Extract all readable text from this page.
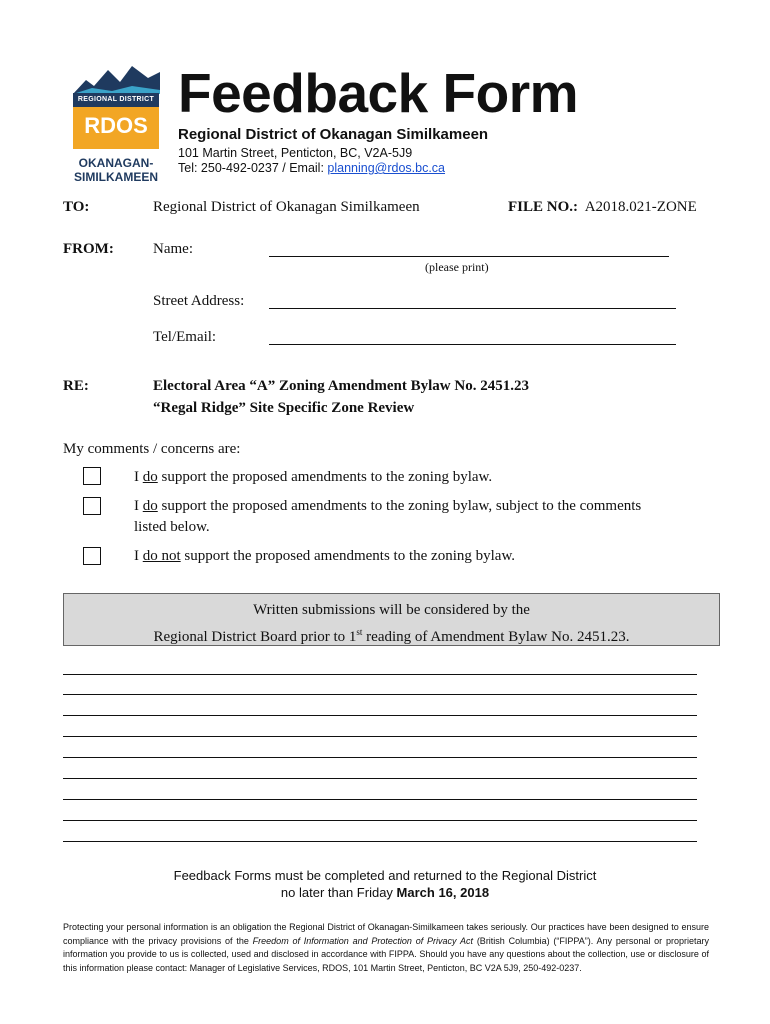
REGIONAL DISTRICT
RDOS
OKANAGAN-
SIMILKAMEEN
Feedback Form
Regional District of Okanagan Similkameen
101 Martin Street, Penticton, BC, V2A-5J9
Tel: 250-492-0237 / Email: planning@rdos.bc.ca
TO:	Regional District of Okanagan Similkameen	FILE NO.: A2018.021-ZONE
FROM:	Name:
(please print)
Street Address:
Tel/Email:
RE:	Electoral Area “A” Zoning Amendment Bylaw No. 2451.23
“Regal Ridge” Site Specific Zone Review
My comments / concerns are:
I do support the proposed amendments to the zoning bylaw.
I do support the proposed amendments to the zoning bylaw, subject to the comments
listed below.
I do not support the proposed amendments to the zoning bylaw.
Written submissions will be considered by the
Regional District Board prior to 1st reading of Amendment Bylaw No. 2451.23.
Feedback Forms must be completed and returned to the Regional District
no later than Friday March 16, 2018
Protecting your personal information is an obligation the Regional District of Okanagan-Similkameen takes seriously. Our practices have been designed to ensure compliance with the privacy provisions of the Freedom of Information and Protection of Privacy Act (British Columbia) (“FIPPA”). Any personal or proprietary information you provide to us is collected, used and disclosed in accordance with FIPPA. Should you have any questions about the collection, use or disclosure of this information please contact: Manager of Legislative Services, RDOS, 101 Martin Street, Penticton, BC V2A 5J9, 250-492-0237.
